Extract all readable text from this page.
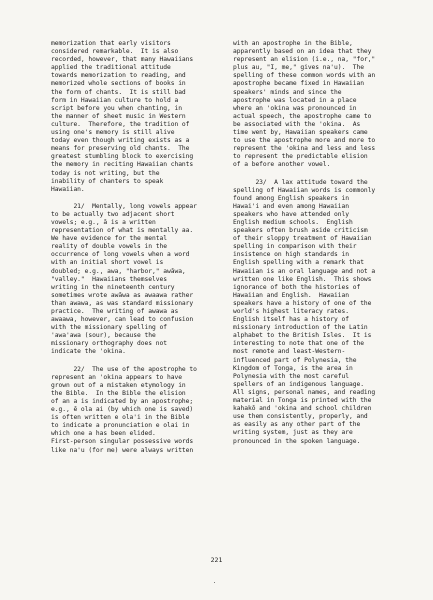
memorization that early visitors
considered remarkable.  It is also
recorded, however, that many Hawaiians
applied the traditional attitude
towards memorization to reading, and
memorized whole sections of books in
the form of chants.  It is still bad
form in Hawaiian culture to hold a
script before you when chanting, in
the manner of sheet music in Western
culture.  Therefore, the tradition of
using one's memory is still alive
today even though writing exists as a
means for preserving old chants.  The
greatest stumbling block to exercising
the memory in reciting Hawaiian chants
today is not writing, but the
inability of chanters to speak
Hawaiian.
21/  Mentally, long vowels appear
to be actually two adjacent short
vowels; e.g., ā is a written
representation of what is mentally aa.
We have evidence for the mental
reality of double vowels in the
occurrence of long vowels when a word
with an initial short vowel is
doubled; e.g., awa, "harbor," awāwa,
"valley."  Hawaiians themselves
writing in the nineteenth century
sometimes wrote awāwa as awaawa rather
than awawa, as was standard missionary
practice.  The writing of awawa as
awaawa, however, can lead to confusion
with the missionary spelling of
'awa'awa (sour), because the
missionary orthography does not
indicate the 'okina.
22/  The use of the apostrophe to
represent an 'okina appears to have
grown out of a mistaken etymology in
the Bible.  In the Bible the elision
of an a is indicated by an apostrophe;
e.g., ē ola ai (by which one is saved)
is often written e ola'i in the Bible
to indicate a pronunciation e olai in
which one a has been elided.
First-person singular possessive words
like na'u (for me) were always written
with an apostrophe in the Bible,
apparently based on an idea that they
represent an elision (i.e., na, "for,"
plus au, "I, me," gives na'u).  The
spelling of these common words with an
apostrophe became fixed in Hawaiian
speakers' minds and since the
apostrophe was located in a place
where an 'okina was pronounced in
actual speech, the apostrophe came to
be associated with the 'okina.  As
time went by, Hawaiian speakers came
to use the apostrophe more and more to
represent the 'okina and less and less
to represent the predictable elision
of a before another vowel.
23/  A lax attitude toward the
spelling of Hawaiian words is commonly
found among English speakers in
Hawai'i and even among Hawaiian
speakers who have attended only
English medium schools.  English
speakers often brush aside criticism
of their sloppy treatment of Hawaiian
spelling in comparison with their
insistence on high standards in
English spelling with a remark that
Hawaiian is an oral language and not a
written one like English.  This shows
ignorance of both the histories of
Hawaiian and English.  Hawaiian
speakers have a history of one of the
world's highest literacy rates.
English itself has a history of
missionary introduction of the Latin
alphabet to the British Isles.  It is
interesting to note that one of the
most remote and least-Western-
influenced part of Polynesia, the
Kingdom of Tonga, is the area in
Polynesia with the most careful
spellers of an indigenous language.
All signs, personal names, and reading
material in Tonga is printed with the
kahakō and 'okina and school children
use them consistently, properly, and
as easily as any other part of the
writing system, just as they are
pronounced in the spoken language.
221
